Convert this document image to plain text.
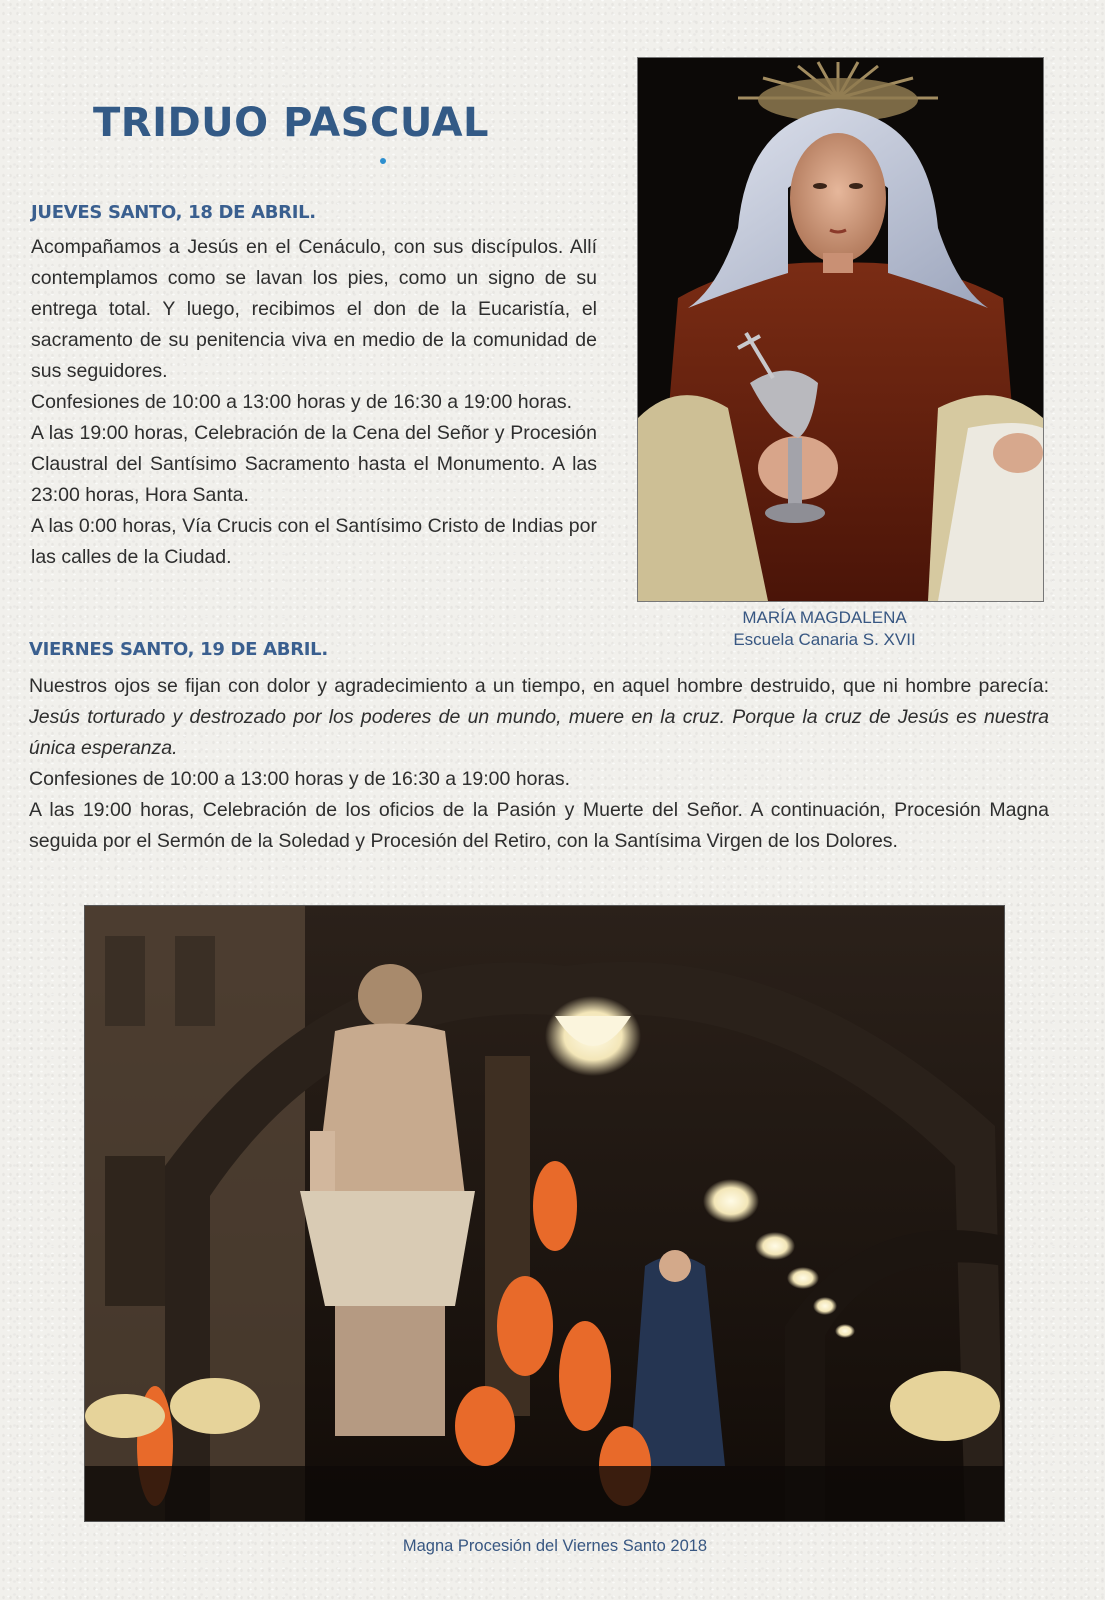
TRIDUO PASCUAL
JUEVES SANTO, 18 DE ABRIL.

Acompañamos a Jesús en el Cenáculo, con sus discípulos. Allí contemplamos como se lavan los pies, como un signo de su entrega total. Y luego, recibimos el don de la Eucaristía, el sacramento de su penitencia viva en medio de la comunidad de sus seguidores.

Confesiones de 10:00 a 13:00 horas y de 16:30 a 19:00 horas.

A las 19:00 horas, Celebración de la Cena del Señor y Procesión Claustral del Santísimo Sacramento hasta el Monumento. A las 23:00 horas, Hora Santa.

A las 0:00 horas, Vía Crucis con el Santísimo Cristo de Indias por las calles de la Ciudad.

MARÍA MAGDALENA

Escuela Canaria S. XVII

VIERNES SANTO, 19 DE ABRIL.

Nuestros ojos se fijan con dolor y agradecimiento a un tiempo, en aquel hombre destruido, que ni hombre parecía: Jesús torturado y destrozado por los poderes de un mundo, muere en la cruz. Porque la cruz de Jesús es nuestra única esperanza.

Confesiones de 10:00 a 13:00 horas y de 16:30 a 19:00 horas.

A las 19:00 horas, Celebración de los oficios de la Pasión y Muerte del Señor. A continuación, Procesión Magna seguida por el Sermón de la Soledad y Procesión del Retiro, con la Santísima Virgen de los Dolores.

Magna Procesión del Viernes Santo 2018
